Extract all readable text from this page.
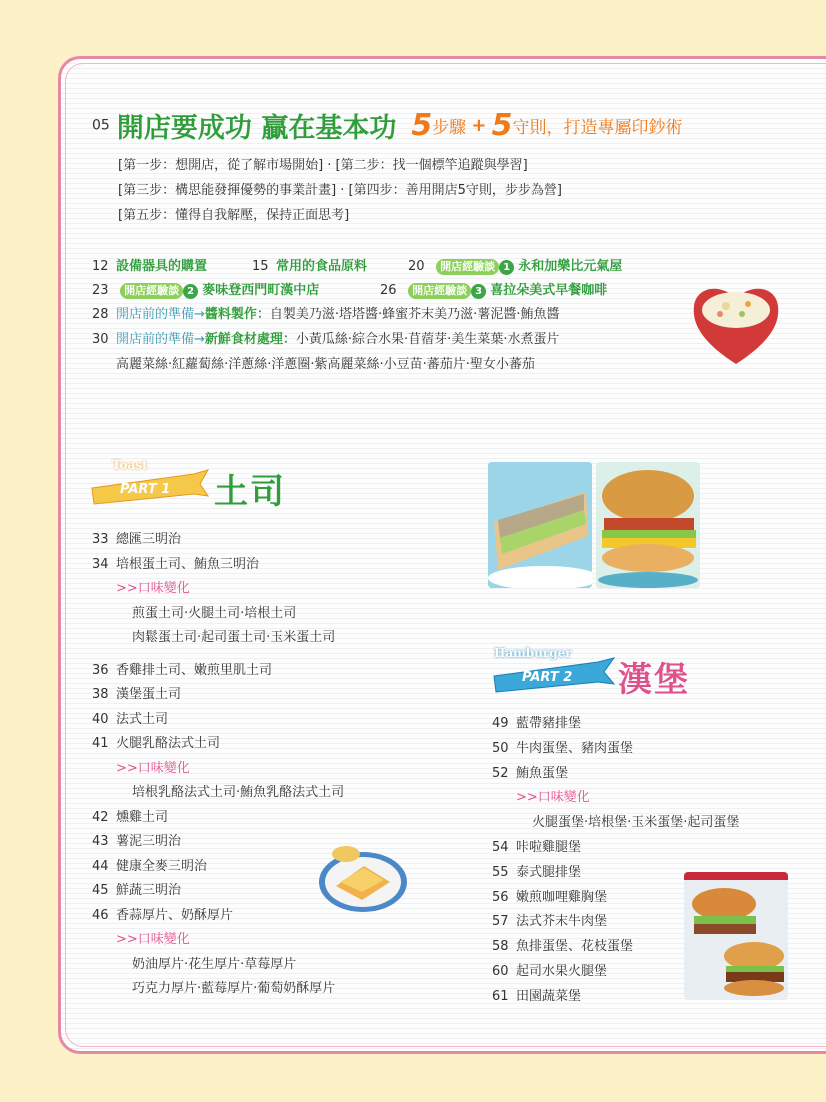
05 開店要成功 贏在基本功 5步驟 + 5守則，打造專屬印鈔術
[第一步：想開店，從了解市場開始] ‧ [第二步：找一個標竿追蹤與學習]
[第三步：構思能發揮優勢的事業計畫] ‧ [第四步：善用開店5守則，步步為營]
[第五步：懂得自我解壓，保持正面思考]
12 設備器具的購置	15 常用的食品原料	20 開店經驗談 1 永和加樂比元氣屋
23 開店經驗談 2 麥味登西門町漢中店	26 開店經驗談 3 喜拉朵美式早餐咖啡
28 開店前的準備→醬料製作：自製美乃滋‧塔塔醬‧蜂蜜芥末美乃滋‧薯泥醬‧鮪魚醬
30 開店前的準備→新鮮食材處理：小黃瓜絲‧綜合水果‧苜蓿芽‧美生菜葉‧水煮蛋片
高麗菜絲‧紅蘿蔔絲‧洋蔥絲‧洋蔥圈‧紫高麗菜絲‧小豆苗‧蕃茄片‧聖女小蕃茄
Toast
PART 1 土司
33 總匯三明治
34 培根蛋土司、鮪魚三明治
>>口味變化
煎蛋土司‧火腿土司‧培根土司
肉鬆蛋土司‧起司蛋土司‧玉米蛋土司
36 香雞排土司、嫩煎里肌土司
38 漢堡蛋土司
40 法式土司
41 火腿乳酪法式土司
>>口味變化
培根乳酪法式土司‧鮪魚乳酪法式土司
42 燻雞土司
43 薯泥三明治
44 健康全麥三明治
45 鮮蔬三明治
46 香蒜厚片、奶酥厚片
>>口味變化
奶油厚片‧花生厚片‧草莓厚片
巧克力厚片‧藍莓厚片‧葡萄奶酥厚片
Hamburger
PART 2 漢堡
49 藍帶豬排堡
50 牛肉蛋堡、豬肉蛋堡
52 鮪魚蛋堡
>>口味變化
火腿蛋堡‧培根堡‧玉米蛋堡‧起司蛋堡
54 咔啦雞腿堡
55 泰式腿排堡
56 嫩煎咖哩雞胸堡
57 法式芥末牛肉堡
58 魚排蛋堡、花枝蛋堡
60 起司水果火腿堡
61 田園蔬菜堡
